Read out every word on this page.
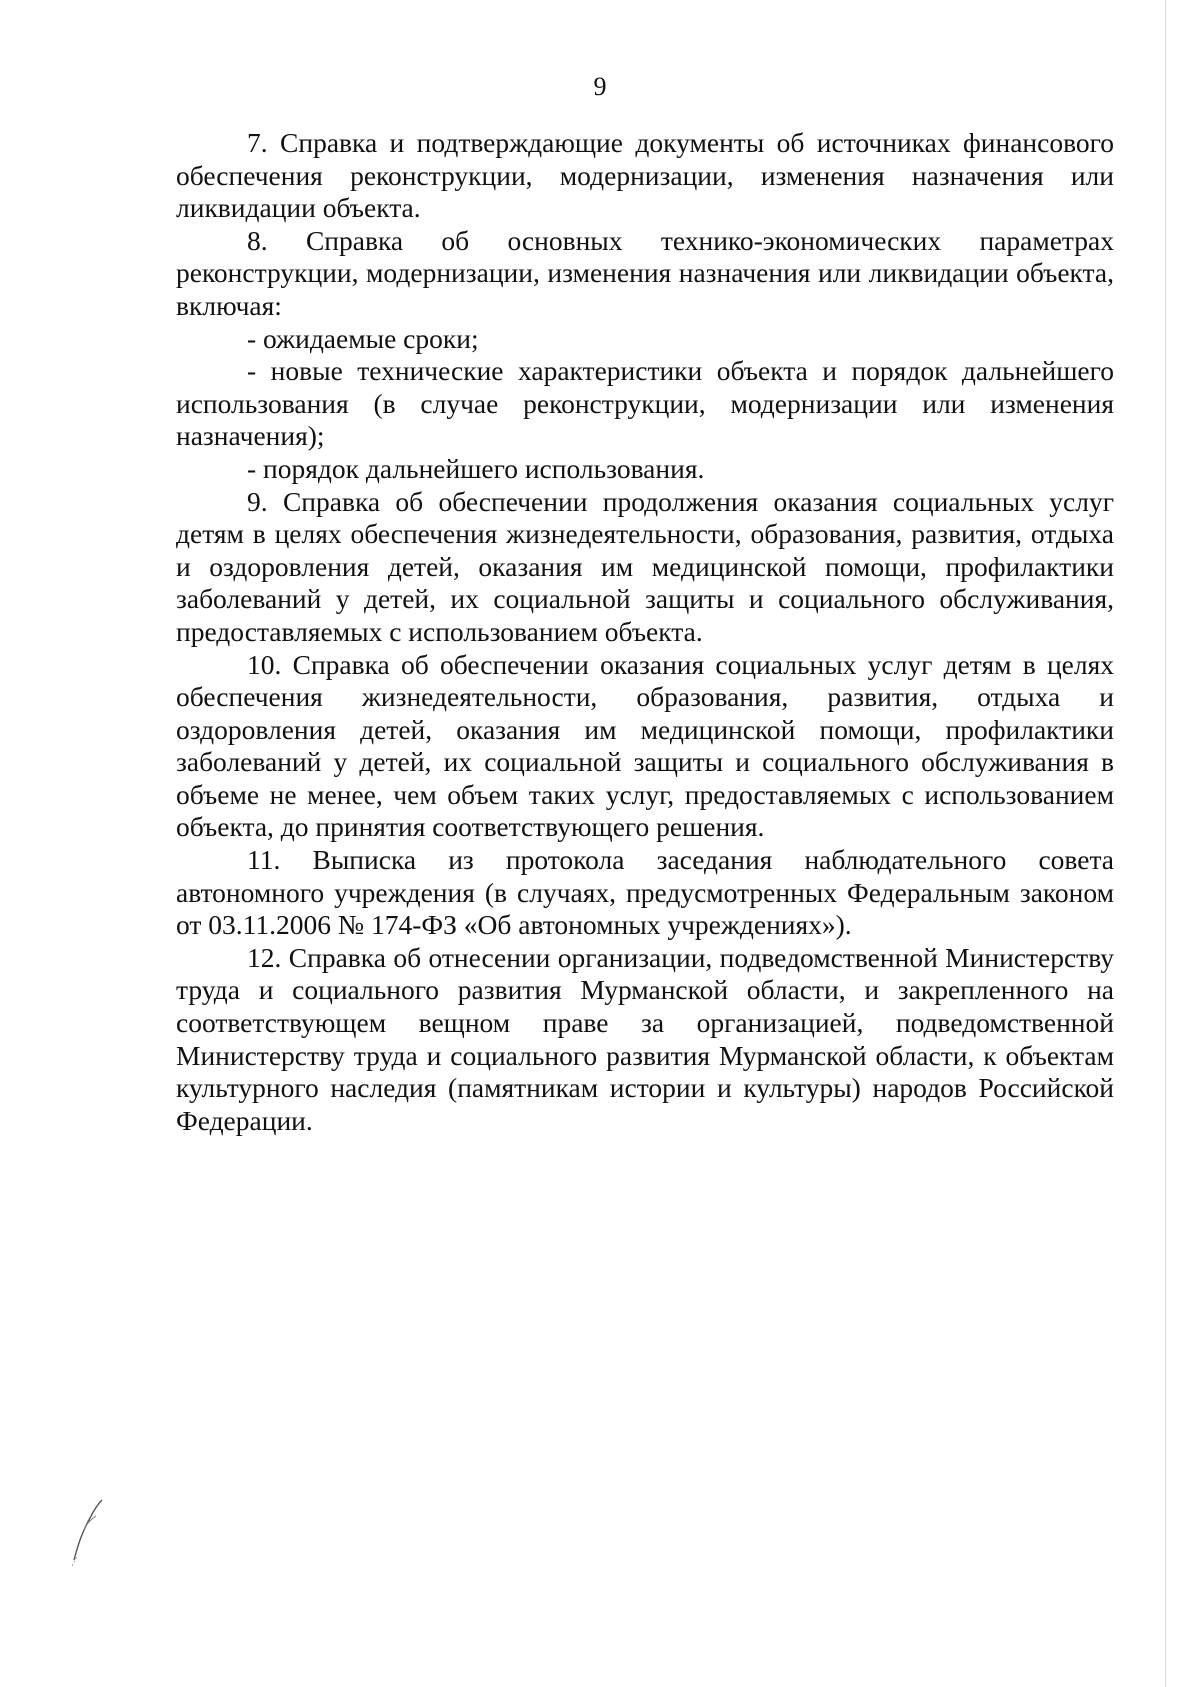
9

7. Справка и подтверждающие документы об источниках финансового обеспечения реконструкции, модернизации, изменения назначения или ликвидации объекта.

8. Справка об основных технико-экономических параметрах реконструкции, модернизации, изменения назначения или ликвидации объекта, включая:

- ожидаемые сроки;

- новые технические характеристики объекта и порядок дальнейшего использования (в случае реконструкции, модернизации или изменения назначения);

- порядок дальнейшего использования.

9. Справка об обеспечении продолжения оказания социальных услуг детям в целях обеспечения жизнедеятельности, образования, развития, отдыха и оздоровления детей, оказания им медицинской помощи, профилактики заболеваний у детей, их социальной защиты и социального обслуживания, предоставляемых с использованием объекта.

10. Справка об обеспечении оказания социальных услуг детям в целях обеспечения жизнедеятельности, образования, развития, отдыха и оздоровления детей, оказания им медицинской помощи, профилактики заболеваний у детей, их социальной защиты и социального обслуживания в объеме не менее, чем объем таких услуг, предоставляемых с использованием объекта, до принятия соответствующего решения.

11. Выписка из протокола заседания наблюдательного совета автономного учреждения (в случаях, предусмотренных Федеральным законом от 03.11.2006 № 174-ФЗ «Об автономных учреждениях»).

12. Справка об отнесении организации, подведомственной Министерству труда и социального развития Мурманской области, и закрепленного на соответствующем вещном праве за организацией, подведомственной Министерству труда и социального развития Мурманской области, к объектам культурного наследия (памятникам истории и культуры) народов Российской Федерации.
